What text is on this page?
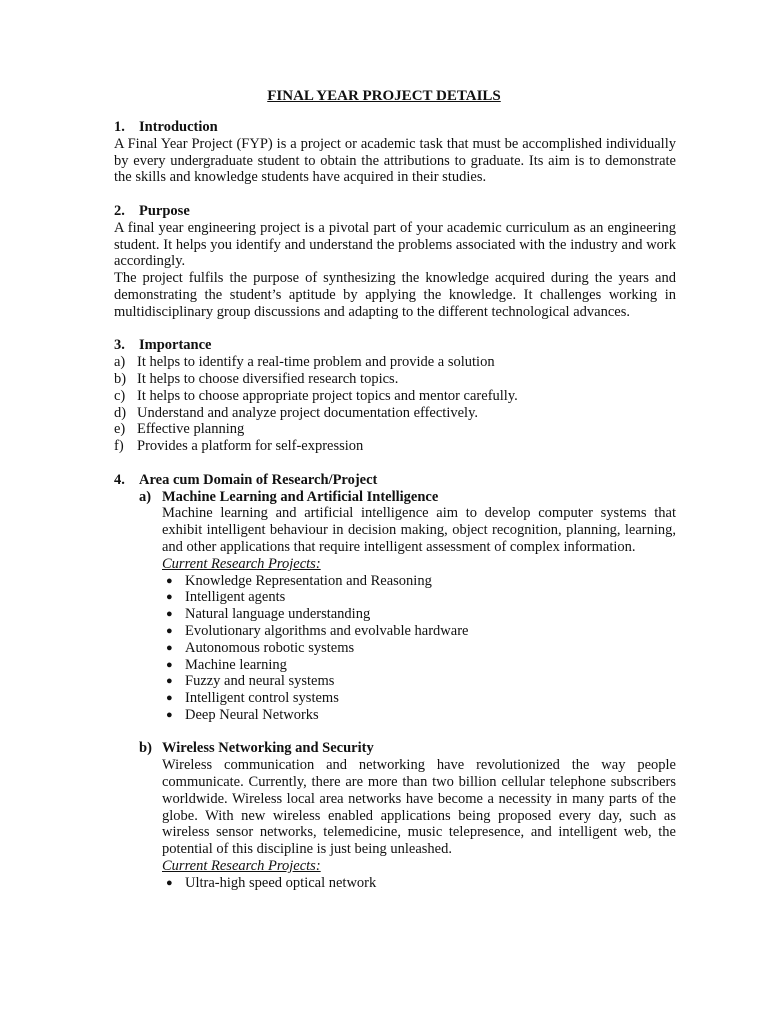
FINAL YEAR PROJECT DETAILS
1. Introduction

A Final Year Project (FYP) is a project or academic task that must be accomplished individually by every undergraduate student to obtain the attributions to graduate. Its aim is to demonstrate the skills and knowledge students have acquired in their studies.

2. Purpose

A final year engineering project is a pivotal part of your academic curriculum as an engineering student. It helps you identify and understand the problems associated with the industry and work accordingly.

The project fulfils the purpose of synthesizing the knowledge acquired during the years and demonstrating the student’s aptitude by applying the knowledge. It challenges working in multidisciplinary group discussions and adapting to the different technological advances.

3. Importance
a) It helps to identify a real-time problem and provide a solution
b) It helps to choose diversified research topics.
c) It helps to choose appropriate project topics and mentor carefully.
d) Understand and analyze project documentation effectively.
e) Effective planning
f) Provides a platform for self-expression
4. Area cum Domain of Research/Project
a) Machine Learning and Artificial Intelligence

Machine learning and artificial intelligence aim to develop computer systems that exhibit intelligent behaviour in decision making, object recognition, planning, learning, and other applications that require intelligent assessment of complex information.

Current Research Projects:
● Knowledge Representation and Reasoning
● Intelligent agents
● Natural language understanding
● Evolutionary algorithms and evolvable hardware
● Autonomous robotic systems
● Machine learning
● Fuzzy and neural systems
● Intelligent control systems
● Deep Neural Networks
b) Wireless Networking and Security

Wireless communication and networking have revolutionized the way people communicate. Currently, there are more than two billion cellular telephone subscribers worldwide. Wireless local area networks have become a necessity in many parts of the globe. With new wireless enabled applications being proposed every day, such as wireless sensor networks, telemedicine, music telepresence, and intelligent web, the potential of this discipline is just being unleashed.

Current Research Projects:
● Ultra-high speed optical network
